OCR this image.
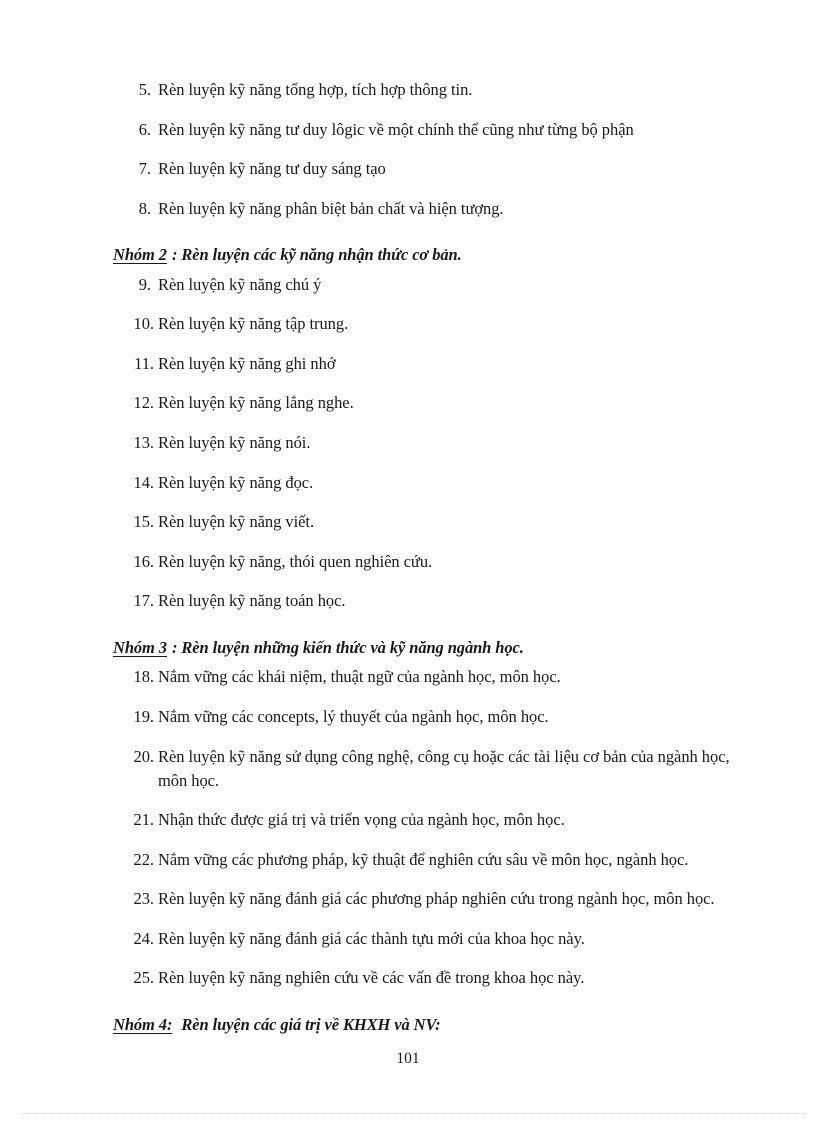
5. Rèn luyện kỹ năng tổng hợp, tích hợp thông tin.
6. Rèn luyện kỹ năng tư duy lôgic về một chính thể cũng như từng bộ phận
7. Rèn luyện kỹ năng tư duy sáng tạo
8. Rèn luyện kỹ năng phân biệt bản chất và hiện tượng.

Nhóm 2 : Rèn luyện các kỹ năng nhận thức cơ bản.

9. Rèn luyện kỹ năng chú ý
10. Rèn luyện kỹ năng tập trung.
11. Rèn luyện kỹ năng ghi nhớ
12. Rèn luyện kỹ năng lắng nghe.
13. Rèn luyện kỹ năng nói.
14. Rèn luyện kỹ năng đọc.
15. Rèn luyện kỹ năng viết.
16. Rèn luyện kỹ năng, thói quen nghiên cứu.
17. Rèn luyện kỹ năng toán học.

Nhóm 3 : Rèn luyện những kiến thức và kỹ năng ngành học.

18. Nắm vững các khái niệm, thuật ngữ của ngành học, môn học.
19. Nắm vững các concepts, lý thuyết của ngành học, môn học.
20. Rèn luyện kỹ năng sử dụng công nghệ, công cụ hoặc các tài liệu cơ bản của ngành học, môn học.
21. Nhận thức được giá trị và triển vọng của ngành học, môn học.
22. Nắm vững các phương pháp, kỹ thuật để nghiên cứu sâu về môn học, ngành học.
23. Rèn luyện kỹ năng đánh giá các phương pháp nghiên cứu trong ngành học, môn học.
24. Rèn luyện kỹ năng đánh giá các thành tựu mới của khoa học này.
25. Rèn luyện kỹ năng nghiên cứu về các vấn đề trong khoa học này.

Nhóm 4: Rèn luyện các giá trị về KHXH và NV:

101
